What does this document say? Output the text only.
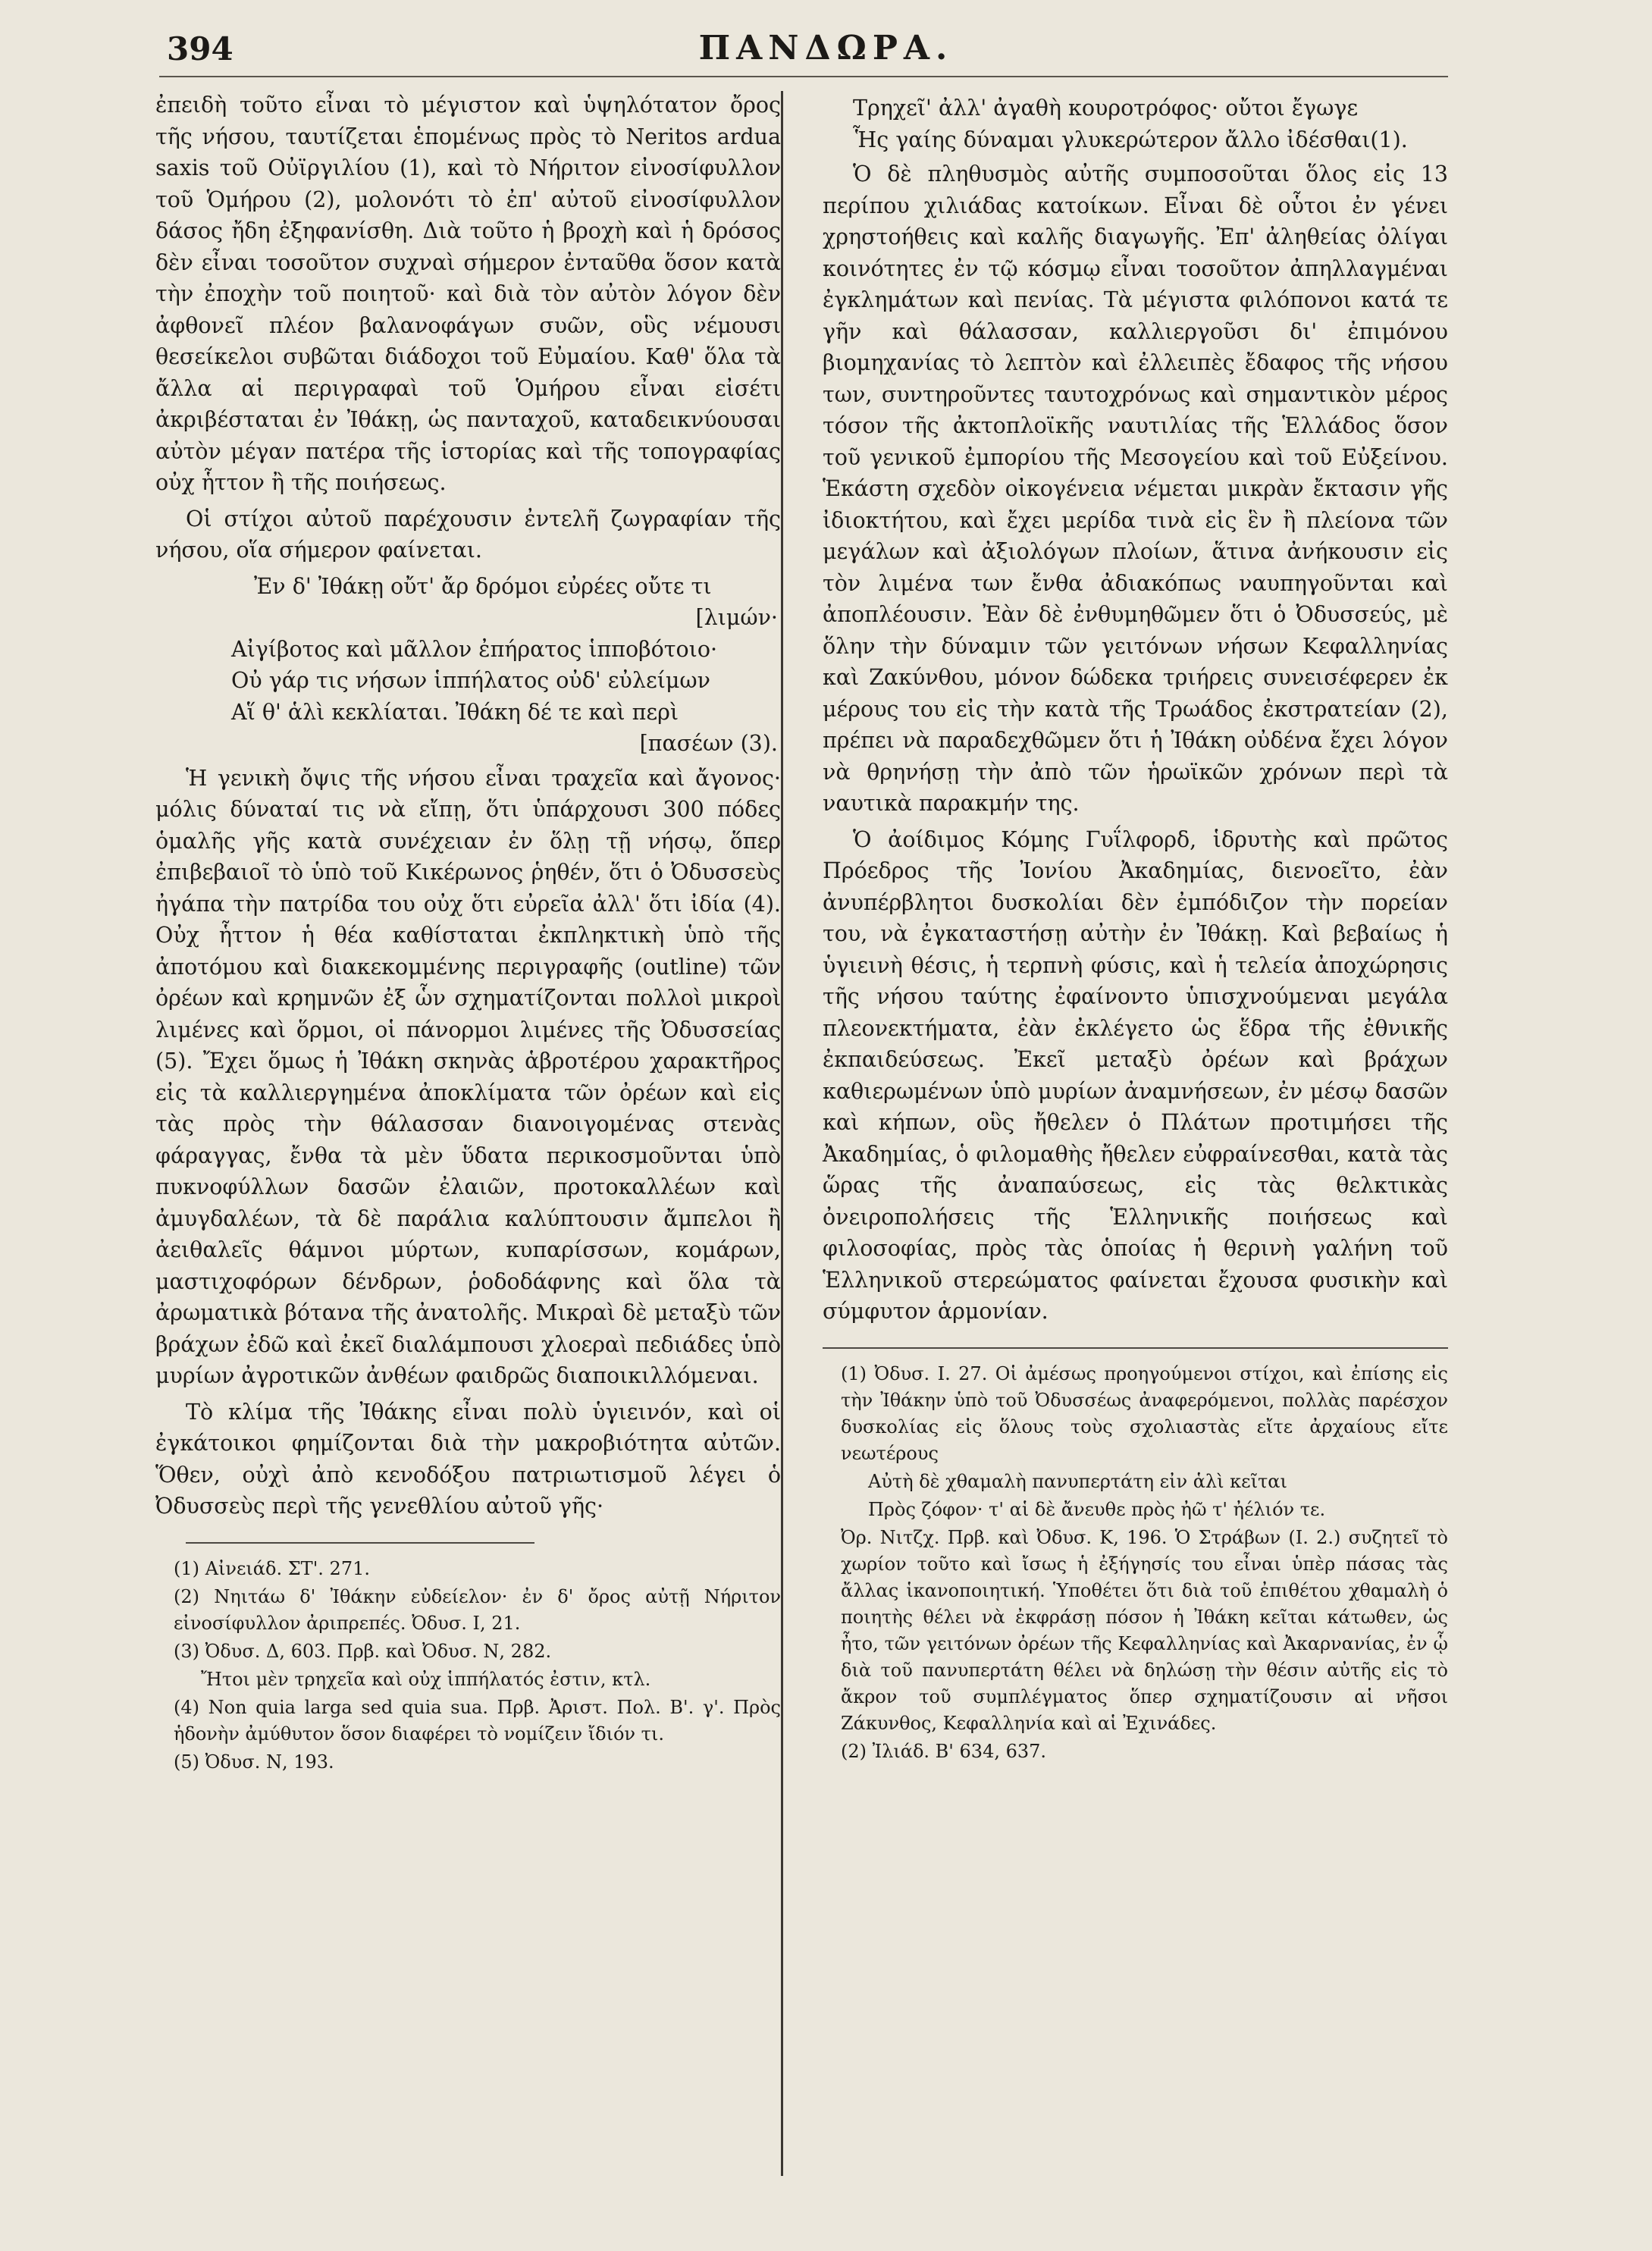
394	ΠΑΝΔΩΡΑ.

ἐπειδὴ τοῦτο εἶναι τὸ μέγιστον καὶ ὑψηλότατον ὄρος τῆς νήσου, ταυτίζεται ἑπομένως πρὸς τὸ Neritos ardua saxis τοῦ Οὐϊργιλίου (1), καὶ τὸ Νήριτον εἰνοσίφυλλον τοῦ Ὁμήρου (2), μολονότι τὸ ἐπ' αὐτοῦ εἰνοσίφυλλον δάσος ἤδη ἐξηφανίσθη. Διὰ τοῦτο ἡ βροχὴ καὶ ἡ δρόσος δὲν εἶναι τοσοῦτον συχναὶ σήμερον ἐνταῦθα ὅσον κατὰ τὴν ἐποχὴν τοῦ ποιητοῦ· καὶ διὰ τὸν αὐτὸν λόγον δὲν ἀφθονεῖ πλέον βαλανοφάγων συῶν, οὓς νέμουσι θεσείκελοι συβῶται διάδοχοι τοῦ Εὐμαίου. Καθ' ὅλα τὰ ἄλλα αἱ περιγραφαὶ τοῦ Ὁμήρου εἶναι εἰσέτι ἀκριβέσταται ἐν Ἰθάκῃ, ὡς πανταχοῦ, καταδεικνύουσαι αὐτὸν μέγαν πατέρα τῆς ἱστορίας καὶ τῆς τοπογραφίας οὐχ ἧττον ἢ τῆς ποιήσεως.

Οἱ στίχοι αὐτοῦ παρέχουσιν ἐντελῆ ζωγραφίαν τῆς νήσου, οἵα σήμερον φαίνεται.

Ἐν δ' Ἰθάκῃ οὔτ' ἄρ δρόμοι εὐρέες οὔτε τι
[λιμών·
Αἰγίβοτος καὶ μᾶλλον ἐπήρατος ἱπποβότοιο·
Οὐ γάρ τις νήσων ἱππήλατος οὐδ' εὐλείμων
Αἵ θ' ἁλὶ κεκλίαται. Ἰθάκη δέ τε καὶ περὶ
[πασέων (3).

Ἡ γενικὴ ὄψις τῆς νήσου εἶναι τραχεῖα καὶ ἄγονος· μόλις δύναταί τις νὰ εἴπῃ, ὅτι ὑπάρχουσι 300 πόδες ὁμαλῆς γῆς κατὰ συνέχειαν ἐν ὅλῃ τῇ νήσῳ, ὅπερ ἐπιβεβαιοῖ τὸ ὑπὸ τοῦ Κικέρωνος ῥηθέν, ὅτι ὁ Ὀδυσσεὺς ἠγάπα τὴν πατρίδα του οὐχ ὅτι εὐρεῖα ἀλλ' ὅτι ἰδία (4). Οὐχ ἧττον ἡ θέα καθίσταται ἐκπληκτικὴ ὑπὸ τῆς ἀποτόμου καὶ διακεκομμένης περιγραφῆς (outline) τῶν ὀρέων καὶ κρημνῶν ἐξ ὧν σχηματίζονται πολλοὶ μικροὶ λιμένες καὶ ὅρμοι, οἱ πάνορμοι λιμένες τῆς Ὀδυσσείας (5). Ἔχει ὅμως ἡ Ἰθάκη σκηνὰς ἁβροτέρου χαρακτῆρος εἰς τὰ καλλιεργημένα ἀποκλίματα τῶν ὀρέων καὶ εἰς τὰς πρὸς τὴν θάλασσαν διανοιγομένας στενὰς φάραγγας, ἔνθα τὰ μὲν ὕδατα περικοσμοῦνται ὑπὸ πυκνοφύλλων δασῶν ἐλαιῶν, προτοκαλλέων καὶ ἀμυγδαλέων, τὰ δὲ παράλια καλύπτουσιν ἄμπελοι ἢ ἀειθαλεῖς θάμνοι μύρτων, κυπαρίσσων, κομάρων, μαστιχοφόρων δένδρων, ῥοδοδάφνης καὶ ὅλα τὰ ἀρωματικὰ βότανα τῆς ἀνατολῆς. Μικραὶ δὲ μεταξὺ τῶν βράχων ἐδῶ καὶ ἐκεῖ διαλάμπουσι χλοεραὶ πεδιάδες ὑπὸ μυρίων ἀγροτικῶν ἀνθέων φαιδρῶς διαποικιλλόμεναι.

Τὸ κλίμα τῆς Ἰθάκης εἶναι πολὺ ὑγιεινόν, καὶ οἱ ἐγκάτοικοι φημίζονται διὰ τὴν μακροβιότητα αὐτῶν. Ὅθεν, οὐχὶ ἀπὸ κενοδόξου πατριωτισμοῦ λέγει ὁ Ὀδυσσεὺς περὶ τῆς γενεθλίου αὐτοῦ γῆς·

(1) Αἰνειάδ. ΣΤ'. 271.
(2) Νηιτάω δ' Ἰθάκην εὐδείελον· ἐν δ' ὄρος αὐτῇ Νήριτον εἰνοσίφυλλον ἀριπρεπές. Ὀδυσ. Ι, 21.
(3) Ὀδυσ. Δ, 603. Πρβ. καὶ Ὀδυσ. Ν, 282.
Ἤτοι μὲν τρηχεῖα καὶ οὐχ ἱππήλατός ἐστιν, κτλ.
(4) Non quia larga sed quia sua. Πρβ. Ἀριστ. Πολ. Β'. γ'. Πρὸς ἡδονὴν ἀμύθυτον ὅσον διαφέρει τὸ νομίζειν ἴδιόν τι.
(5) Ὀδυσ. Ν, 193.
Τρηχεῖ' ἀλλ' ἀγαθὴ κουροτρόφος· οὔτοι ἔγωγε
Ἧς γαίης δύναμαι γλυκερώτερον ἄλλο ἰδέσθαι(1).

Ὁ δὲ πληθυσμὸς αὐτῆς συμποσοῦται ὅλος εἰς 13 περίπου χιλιάδας κατοίκων. Εἶναι δὲ οὗτοι ἐν γένει χρηστοήθεις καὶ καλῆς διαγωγῆς. Ἐπ' ἀληθείας ὀλίγαι κοινότητες ἐν τῷ κόσμῳ εἶναι τοσοῦτον ἀπηλλαγμέναι ἐγκλημάτων καὶ πενίας. Τὰ μέγιστα φιλόπονοι κατά τε γῆν καὶ θάλασσαν, καλλιεργοῦσι δι' ἐπιμόνου βιομηχανίας τὸ λεπτὸν καὶ ἐλλειπὲς ἔδαφος τῆς νήσου των, συντηροῦντες ταυτοχρόνως καὶ σημαντικὸν μέρος τόσον τῆς ἀκτοπλοϊκῆς ναυτιλίας τῆς Ἑλλάδος ὅσον τοῦ γενικοῦ ἐμπορίου τῆς Μεσογείου καὶ τοῦ Εὐξείνου. Ἑκάστη σχεδὸν οἰκογένεια νέμεται μικρὰν ἔκτασιν γῆς ἰδιοκτήτου, καὶ ἔχει μερίδα τινὰ εἰς ἓν ἢ πλείονα τῶν μεγάλων καὶ ἀξιολόγων πλοίων, ἅτινα ἀνήκουσιν εἰς τὸν λιμένα των ἔνθα ἀδιακόπως ναυπηγοῦνται καὶ ἀποπλέουσιν. Ἐὰν δὲ ἐνθυμηθῶμεν ὅτι ὁ Ὀδυσσεύς, μὲ ὅλην τὴν δύναμιν τῶν γειτόνων νήσων Κεφαλληνίας καὶ Ζακύνθου, μόνον δώδεκα τριήρεις συνεισέφερεν ἐκ μέρους του εἰς τὴν κατὰ τῆς Τρωάδος ἐκστρατείαν (2), πρέπει νὰ παραδεχθῶμεν ὅτι ἡ Ἰθάκη οὐδένα ἔχει λόγον νὰ θρηνήσῃ τὴν ἀπὸ τῶν ἡρωϊκῶν χρόνων περὶ τὰ ναυτικὰ παρακμήν της.

Ὁ ἀοίδιμος Κόμης Γυΐλφορδ, ἱδρυτὴς καὶ πρῶτος Πρόεδρος τῆς Ἰονίου Ἀκαδημίας, διενοεῖτο, ἐὰν ἀνυπέρβλητοι δυσκολίαι δὲν ἐμπόδιζον τὴν πορείαν του, νὰ ἐγκαταστήσῃ αὐτὴν ἐν Ἰθάκῃ. Καὶ βεβαίως ἡ ὑγιεινὴ θέσις, ἡ τερπνὴ φύσις, καὶ ἡ τελεία ἀποχώρησις τῆς νήσου ταύτης ἐφαίνοντο ὑπισχνούμεναι μεγάλα πλεονεκτήματα, ἐὰν ἐκλέγετο ὡς ἕδρα τῆς ἐθνικῆς ἐκπαιδεύσεως. Ἐκεῖ μεταξὺ ὀρέων καὶ βράχων καθιερωμένων ὑπὸ μυρίων ἀναμνήσεων, ἐν μέσῳ δασῶν καὶ κήπων, οὓς ἤθελεν ὁ Πλάτων προτιμήσει τῆς Ἀκαδημίας, ὁ φιλομαθὴς ἤθελεν εὐφραίνεσθαι, κατὰ τὰς ὥρας τῆς ἀναπαύσεως, εἰς τὰς θελκτικὰς ὀνειροπολήσεις τῆς Ἑλληνικῆς ποιήσεως καὶ φιλοσοφίας, πρὸς τὰς ὁποίας ἡ θερινὴ γαλήνη τοῦ Ἑλληνικοῦ στερεώματος φαίνεται ἔχουσα φυσικὴν καὶ σύμφυτον ἁρμονίαν.

(1) Ὀδυσ. Ι. 27. Οἱ ἀμέσως προηγούμενοι στίχοι, καὶ ἐπίσης εἰς τὴν Ἰθάκην ὑπὸ τοῦ Ὀδυσσέως ἀναφερόμενοι, πολλὰς παρέσχον δυσκολίας εἰς ὅλους τοὺς σχολιαστὰς εἴτε ἀρχαίους εἴτε νεωτέρους
Αὐτὴ δὲ χθαμαλὴ πανυπερτάτη εἰν ἁλὶ κεῖται
Πρὸς ζόφον· τ' αἱ δὲ ἄνευθε πρὸς ἠῶ τ' ἠέλιόν τε.
Ὀρ. Νιτζχ. Πρβ. καὶ Ὀδυσ. Κ, 196. Ὁ Στράβων (Ι. 2.) συζητεῖ τὸ χωρίον τοῦτο καὶ ἴσως ἡ ἐξήγησίς του εἶναι ὑπὲρ πάσας τὰς ἄλλας ἱκανοποιητική. Ὑποθέτει ὅτι διὰ τοῦ ἐπιθέτου χθαμαλὴ ὁ ποιητὴς θέλει νὰ ἐκφράσῃ πόσον ἡ Ἰθάκη κεῖται κάτωθεν, ὡς ἦτο, τῶν γειτόνων ὀρέων τῆς Κεφαλληνίας καὶ Ἀκαρνανίας, ἐν ᾧ διὰ τοῦ πανυπερτάτη θέλει νὰ δηλώσῃ τὴν θέσιν αὐτῆς εἰς τὸ ἄκρον τοῦ συμπλέγματος ὅπερ σχηματίζουσιν αἱ νῆσοι Ζάκυνθος, Κεφαλληνία καὶ αἱ Ἐχινάδες.
(2) Ἰλιάδ. Β' 634, 637.
